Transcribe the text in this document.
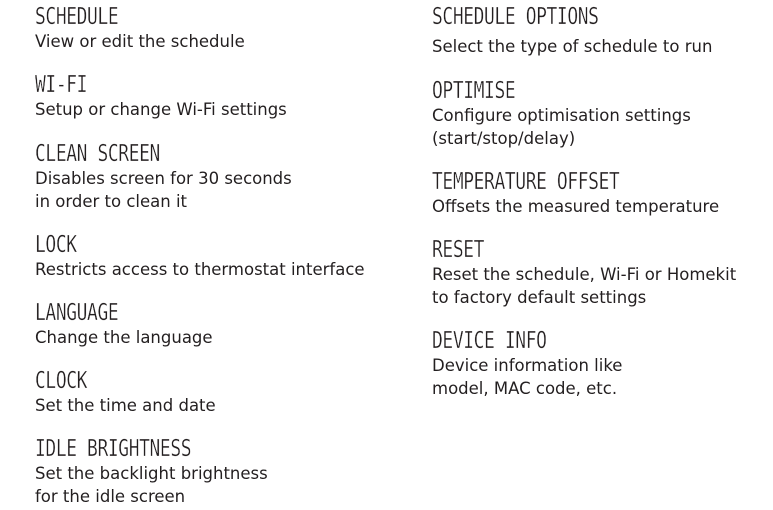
SCHEDULE
View or edit the schedule
WI-FI
Setup or change Wi-Fi settings
CLEAN SCREEN
Disables screen for 30 seconds
in order to clean it
LOCK
Restricts access to thermostat interface
LANGUAGE
Change the language
CLOCK
Set the time and date
IDLE BRIGHTNESS
Set the backlight brightness
for the idle screen
SCHEDULE OPTIONS
Select the type of schedule to run
OPTIMISE
Configure optimisation settings
(start/stop/delay)
TEMPERATURE OFFSET
Offsets the measured temperature
RESET
Reset the schedule, Wi-Fi or Homekit
to factory default settings
DEVICE INFO
Device information like
model, MAC code, etc.
